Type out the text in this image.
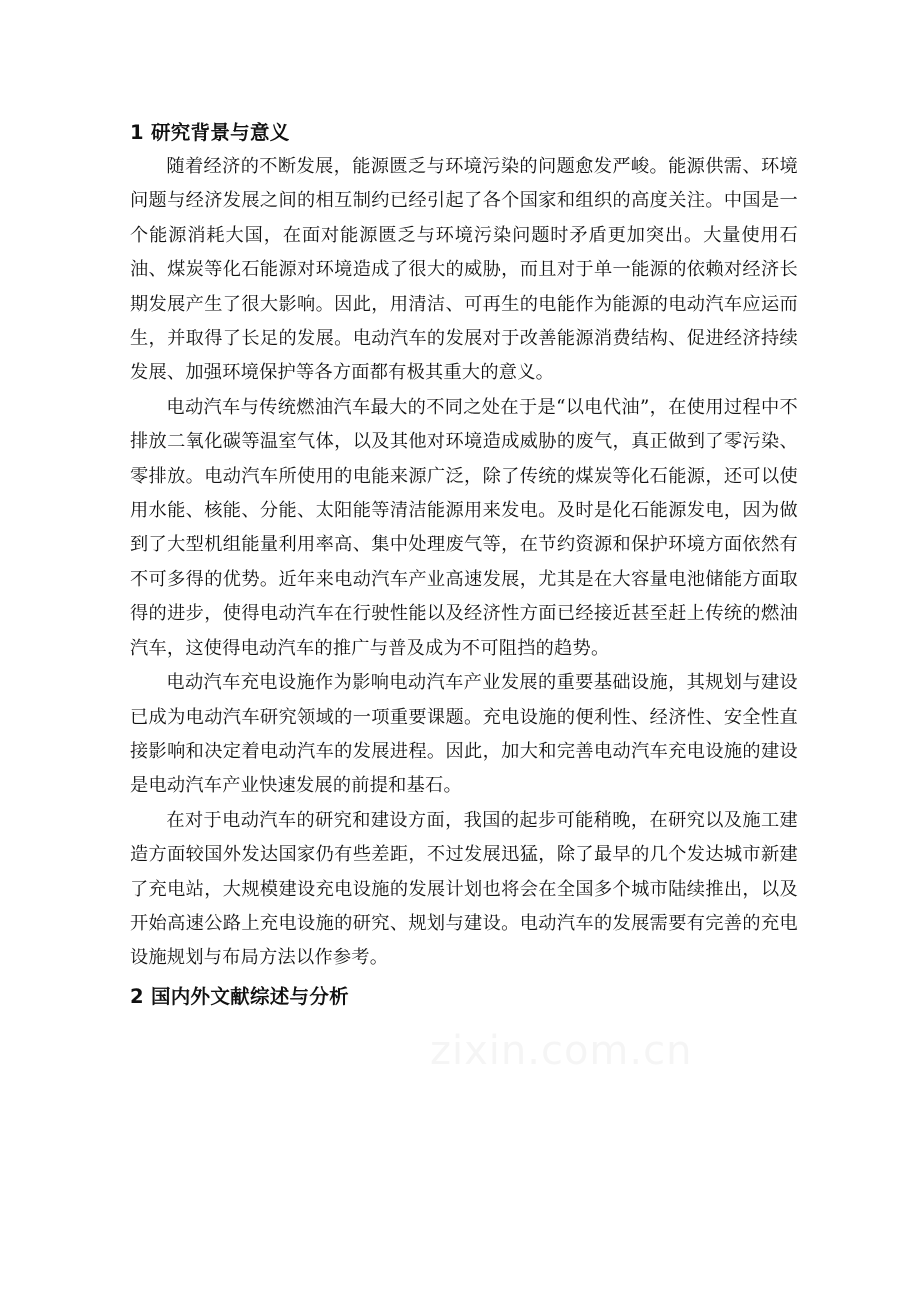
1 研究背景与意义

随着经济的不断发展，能源匮乏与环境污染的问题愈发严峻。能源供需、环境问题与经济发展之间的相互制约已经引起了各个国家和组织的高度关注。中国是一个能源消耗大国，在面对能源匮乏与环境污染问题时矛盾更加突出。大量使用石油、煤炭等化石能源对环境造成了很大的威胁，而且对于单一能源的依赖对经济长期发展产生了很大影响。因此，用清洁、可再生的电能作为能源的电动汽车应运而生，并取得了长足的发展。电动汽车的发展对于改善能源消费结构、促进经济持续发展、加强环境保护等各方面都有极其重大的意义。

电动汽车与传统燃油汽车最大的不同之处在于是“以电代油”，在使用过程中不排放二氧化碳等温室气体，以及其他对环境造成威胁的废气，真正做到了零污染、零排放。电动汽车所使用的电能来源广泛，除了传统的煤炭等化石能源，还可以使用水能、核能、分能、太阳能等清洁能源用来发电。及时是化石能源发电，因为做到了大型机组能量利用率高、集中处理废气等，在节约资源和保护环境方面依然有不可多得的优势。近年来电动汽车产业高速发展，尤其是在大容量电池储能方面取得的进步，使得电动汽车在行驶性能以及经济性方面已经接近甚至赶上传统的燃油汽车，这使得电动汽车的推广与普及成为不可阻挡的趋势。

电动汽车充电设施作为影响电动汽车产业发展的重要基础设施，其规划与建设已成为电动汽车研究领域的一项重要课题。充电设施的便利性、经济性、安全性直接影响和决定着电动汽车的发展进程。因此，加大和完善电动汽车充电设施的建设是电动汽车产业快速发展的前提和基石。

在对于电动汽车的研究和建设方面，我国的起步可能稍晚，在研究以及施工建造方面较国外发达国家仍有些差距，不过发展迅猛，除了最早的几个发达城市新建了充电站，大规模建设充电设施的发展计划也将会在全国多个城市陆续推出，以及开始高速公路上充电设施的研究、规划与建设。电动汽车的发展需要有完善的充电设施规划与布局方法以作参考。

2 国内外文献综述与分析
zixin.com.cn
